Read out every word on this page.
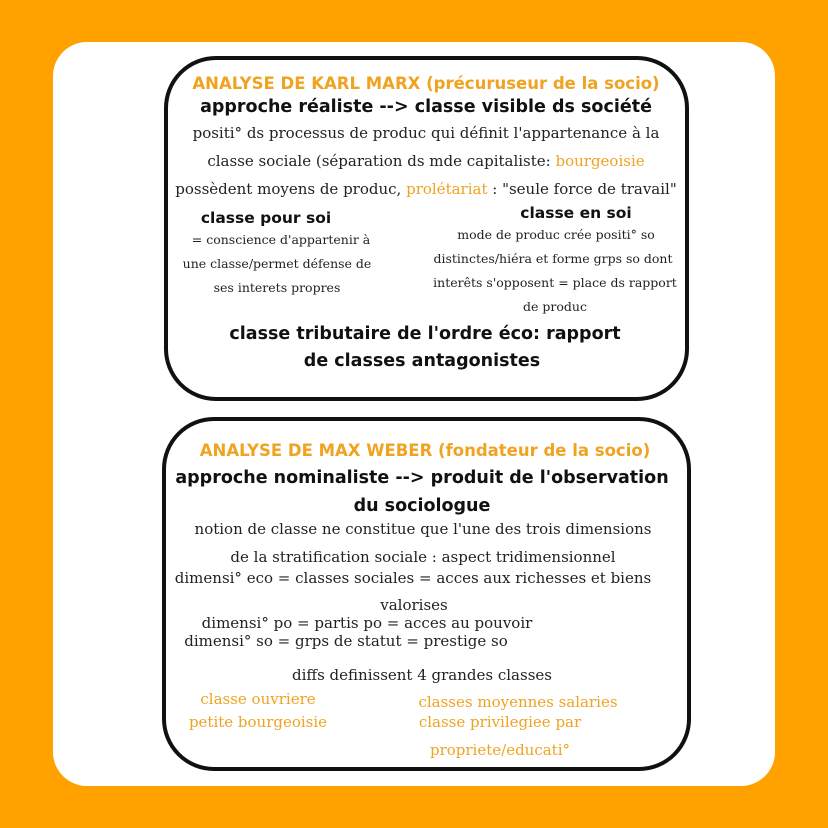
ANALYSE DE KARL MARX (précuruseur de la socio)

approche réaliste --> classe visible ds société

positi° ds processus de produc qui définit l'appartenance à la

classe sociale (séparation ds mde capitaliste: bourgeoisie

possèdent moyens de produc, prolétariat : "seule force de travail"

classe pour soi

= conscience d'appartenir à

une classe/permet défense de

ses interets propres

classe en soi

mode de produc crée positi° so

distinctes/hiéra et forme grps so dont

interêts s'opposent = place ds rapport

de produc

classe tributaire de l'ordre éco: rapport

de classes antagonistes

ANALYSE DE MAX WEBER (fondateur de la socio)

approche nominaliste --> produit de l'observation

du sociologue

notion de classe ne constitue que l'une des trois dimensions

de la stratification sociale : aspect tridimensionnel

dimensi° eco = classes sociales = acces aux richesses et biens

valorises

dimensi° po = partis po = acces au pouvoir

dimensi° so = grps de statut = prestige so

diffs definissent 4 grandes classes

classe ouvriere

petite bourgeoisie

classes moyennes salaries

classe privilegiee par

propriete/educati°
